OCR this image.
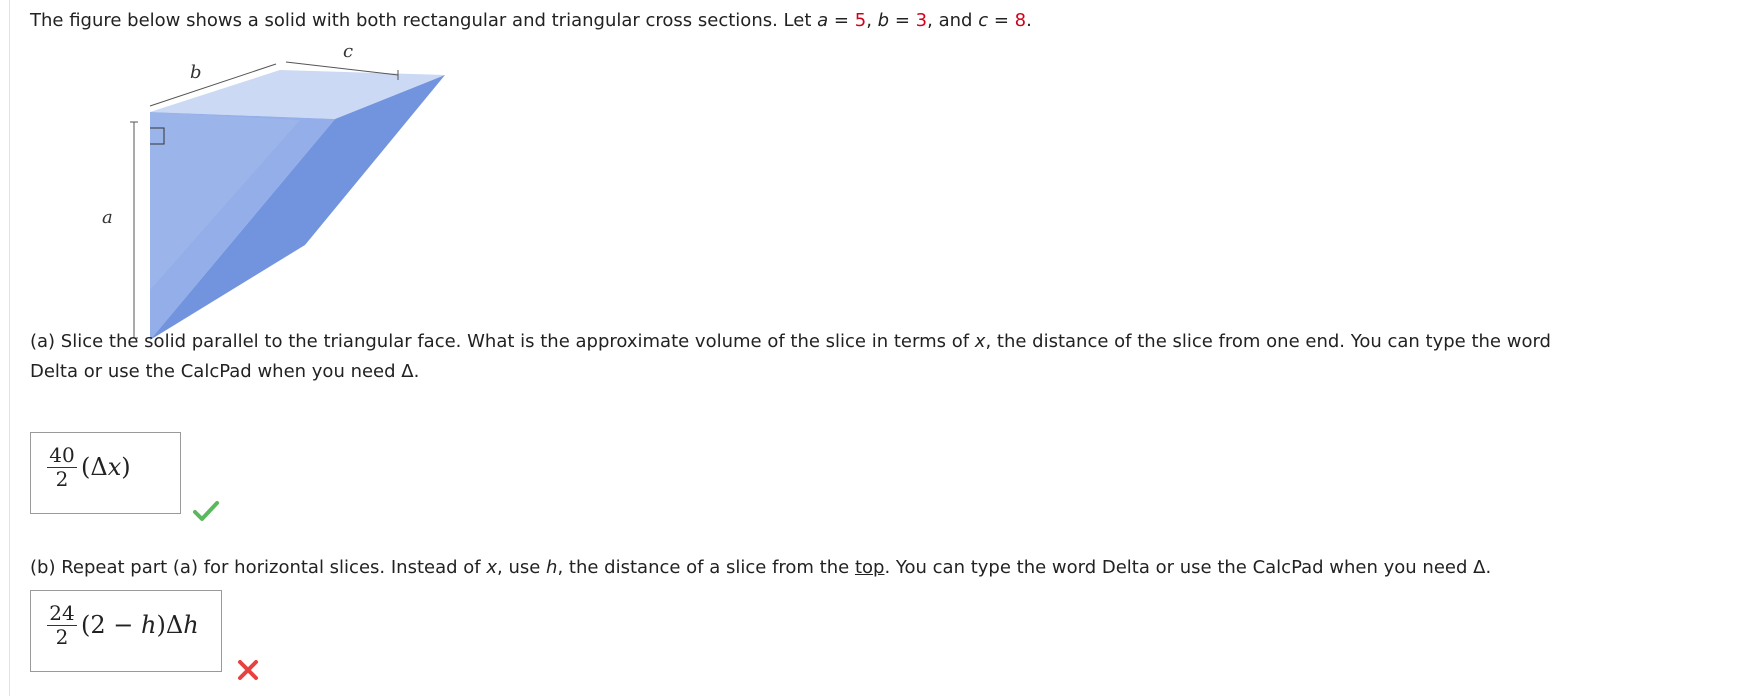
The figure below shows a solid with both rectangular and triangular cross sections. Let a = 5, b = 3, and c = 8.
a
b
c
(a) Slice the solid parallel to the triangular face. What is the approximate volume of the slice in terms of x, the distance of the slice from one end. You can type the word
Delta or use the CalcPad when you need Δ.
$\frac{40}{2} (\Delta x)$
(b) Repeat part (a) for horizontal slices. Instead of x, use h, the distance of a slice from the top. You can type the word Delta or use the CalcPad when you need Δ.
$\frac{24}{2} (2 - h)\Delta h$
